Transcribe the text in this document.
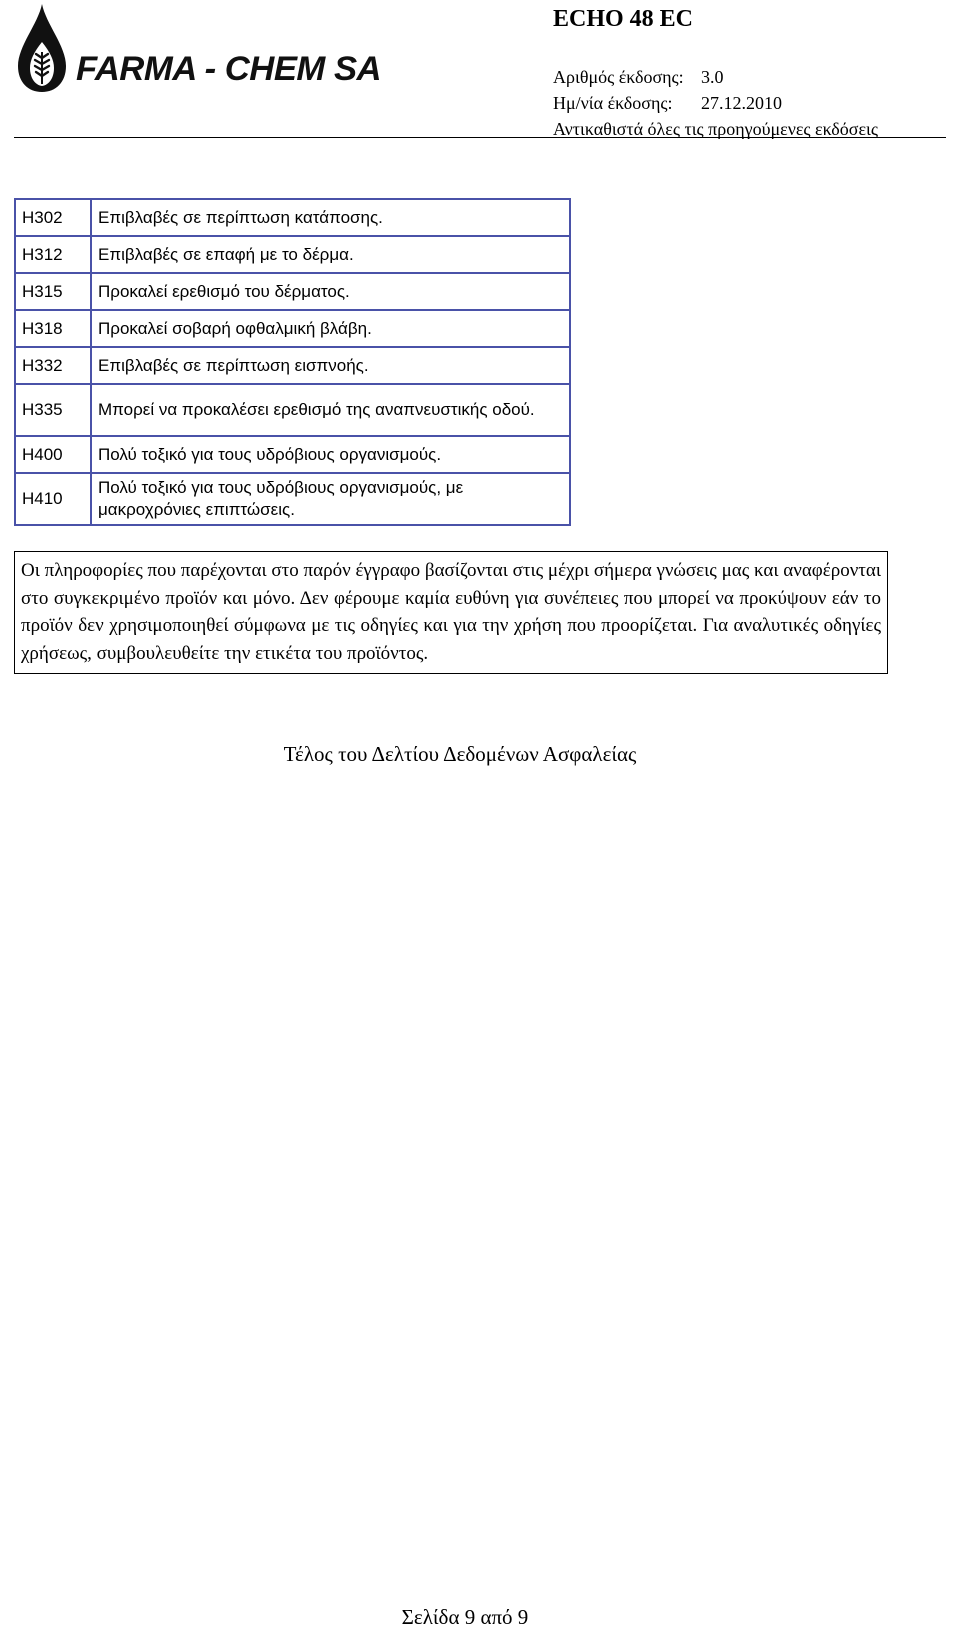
FARMA - CHEM SA
ECHO 48 EC
Αριθμός έκδοσης: 3.0
Ημ/νία έκδοσης: 27.12.2010
Αντικαθιστά όλες τις προηγούμενες εκδόσεις
H302	Επιβλαβές σε περίπτωση κατάποσης.
H312	Επιβλαβές σε επαφή με το δέρμα.
H315	Προκαλεί ερεθισμό του δέρματος.
H318	Προκαλεί σοβαρή οφθαλμική βλάβη.
H332	Επιβλαβές σε περίπτωση εισπνοής.
H335	Μπορεί να προκαλέσει ερεθισμό της αναπνευστικής οδού.
H400	Πολύ τοξικό για τους υδρόβιους οργανισμούς.
H410	Πολύ τοξικό για τους υδρόβιους οργανισμούς, με μακροχρόνιες επιπτώσεις.
Οι πληροφορίες που παρέχονται στο παρόν έγγραφο βασίζονται στις μέχρι σήμερα γνώσεις μας και αναφέρονται στο συγκεκριμένο προϊόν και μόνο. Δεν φέρουμε καμία ευθύνη για συνέπειες που μπορεί να προκύψουν εάν το προϊόν δεν χρησιμοποιηθεί σύμφωνα με τις οδηγίες και για την χρήση που προορίζεται. Για αναλυτικές οδηγίες χρήσεως, συμβουλευθείτε την ετικέτα του προϊόντος.
Τέλος του Δελτίου Δεδομένων Ασφαλείας
Σελίδα 9 από 9
